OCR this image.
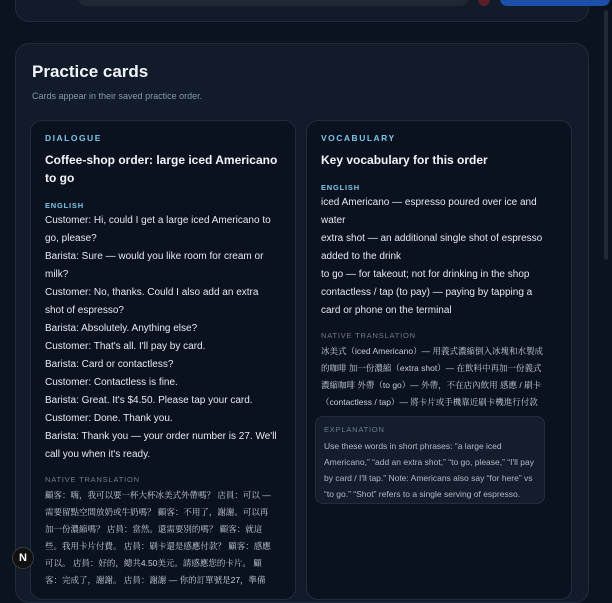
Practice cards

Cards appear in their saved practice order.

DIALOGUE
Coffee-shop order: large iced Americano to go
ENGLISH
Customer: Hi, could I get a large iced Americano to
go, please?
Barista: Sure — would you like room for cream or
milk?
Customer: No, thanks. Could I also add an extra
shot of espresso?
Barista: Absolutely. Anything else?
Customer: That's all. I'll pay by card.
Barista: Card or contactless?
Customer: Contactless is fine.
Barista: Great. It's $4.50. Please tap your card.
Customer: Done. Thank you.
Barista: Thank you — your order number is 27. We'll
call you when it's ready.
NATIVE TRANSLATION
顧客：嗨，我可以要一杯大杯冰美式外帶嗎？ 店員：可以 —
需要留點空間放奶或牛奶嗎？ 顧客：不用了，謝謝。可以再
加一份濃縮嗎？ 店員：當然。還需要別的嗎？ 顧客：就這
些。我用卡片付費。 店員：刷卡還是感應付款？ 顧客：感應
可以。 店員：好的，總共4.50美元。請感應您的卡片。 顧
客：完成了，謝謝。 店員：謝謝 — 你的訂單號是27，準備
VOCABULARY
Key vocabulary for this order
ENGLISH
iced Americano — espresso poured over ice and
water
extra shot — an additional single shot of espresso
added to the drink
to go — for takeout; not for drinking in the shop
contactless / tap (to pay) — paying by tapping a
card or phone on the terminal
NATIVE TRANSLATION
冰美式（iced Americano）— 用義式濃縮倒入冰塊和水製成
的咖啡 加一份濃縮（extra shot）— 在飲料中再加一份義式
濃縮咖啡 外帶（to go）— 外帶，不在店內飲用 感應 / 刷卡
（contactless / tap）— 將卡片或手機靠近刷卡機進行付款
EXPLANATION
Use these words in short phrases: “a large iced
Americano,” “add an extra shot,” “to go, please,” “I'll pay
by card / I'll tap.” Note: Americans also say “for here” vs
“to go.” “Shot” refers to a single serving of espresso.
N
